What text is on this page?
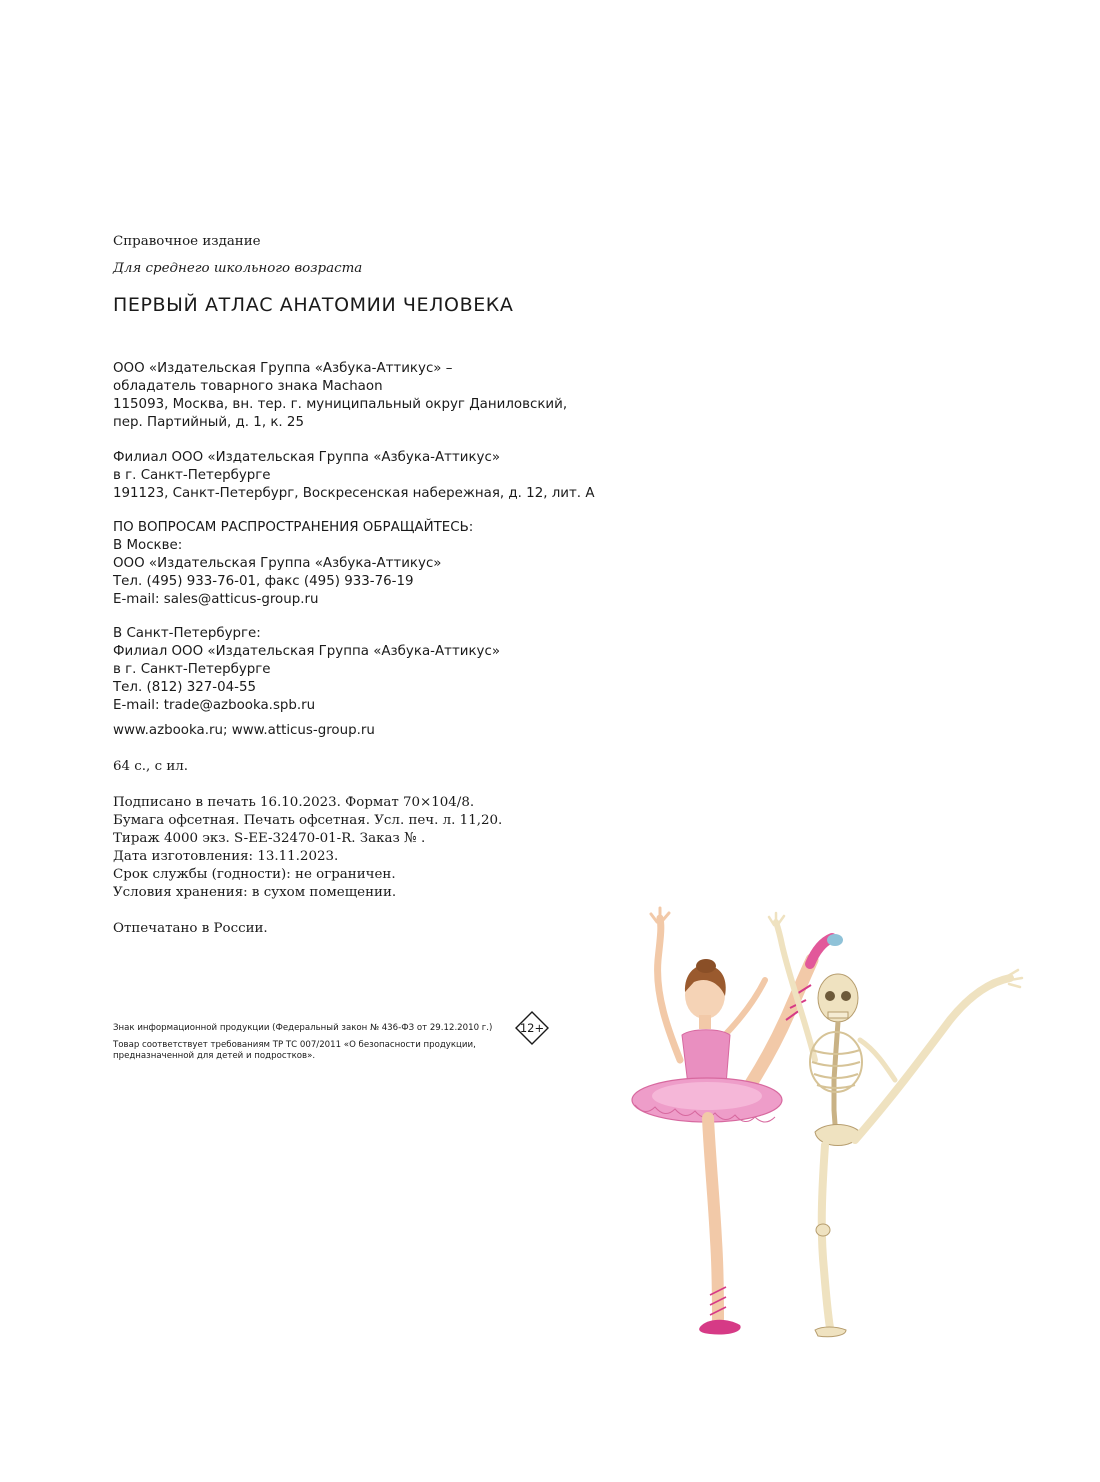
Справочное издание
Для среднего школьного возраста
ПЕРВЫЙ АТЛАС АНАТОМИИ ЧЕЛОВЕКА
ООО «Издательская Группа «Азбука-Аттикус» –
обладатель товарного знака Machaon
115093, Москва, вн. тер. г. муниципальный округ Даниловский,
пер. Партийный, д. 1, к. 25
Филиал ООО «Издательская Группа «Азбука-Аттикус»
в г. Санкт-Петербурге
191123, Санкт-Петербург, Воскресенская набережная, д. 12, лит. А
ПО ВОПРОСАМ РАСПРОСТРАНЕНИЯ ОБРАЩАЙТЕСЬ:
В Москве:
ООО «Издательская Группа «Азбука-Аттикус»
Тел. (495) 933-76-01, факс (495) 933-76-19
E-mail: sales@atticus-group.ru
В Санкт-Петербурге:
Филиал ООО «Издательская Группа «Азбука-Аттикус»
в г. Санкт-Петербурге
Тел. (812) 327-04-55
E-mail: trade@azbooka.spb.ru
www.azbooka.ru; www.atticus-group.ru
64 с., с ил.
Подписано в печать 16.10.2023. Формат 70×104/8.
Бумага офсетная. Печать офсетная. Усл. печ. л. 11,20.
Тираж 4000 экз. S-EE-32470-01-R. Заказ № .
Дата изготовления: 13.11.2023.
Срок службы (годности): не ограничен.
Условия хранения: в сухом помещении.
Отпечатано в России.
Знак информационной продукции (Федеральный закон № 436-ФЗ от 29.12.2010 г.)
Товар соответствует требованиям ТР ТС 007/2011 «О безопасности продукции,
предназначенной для детей и подростков».
12+
